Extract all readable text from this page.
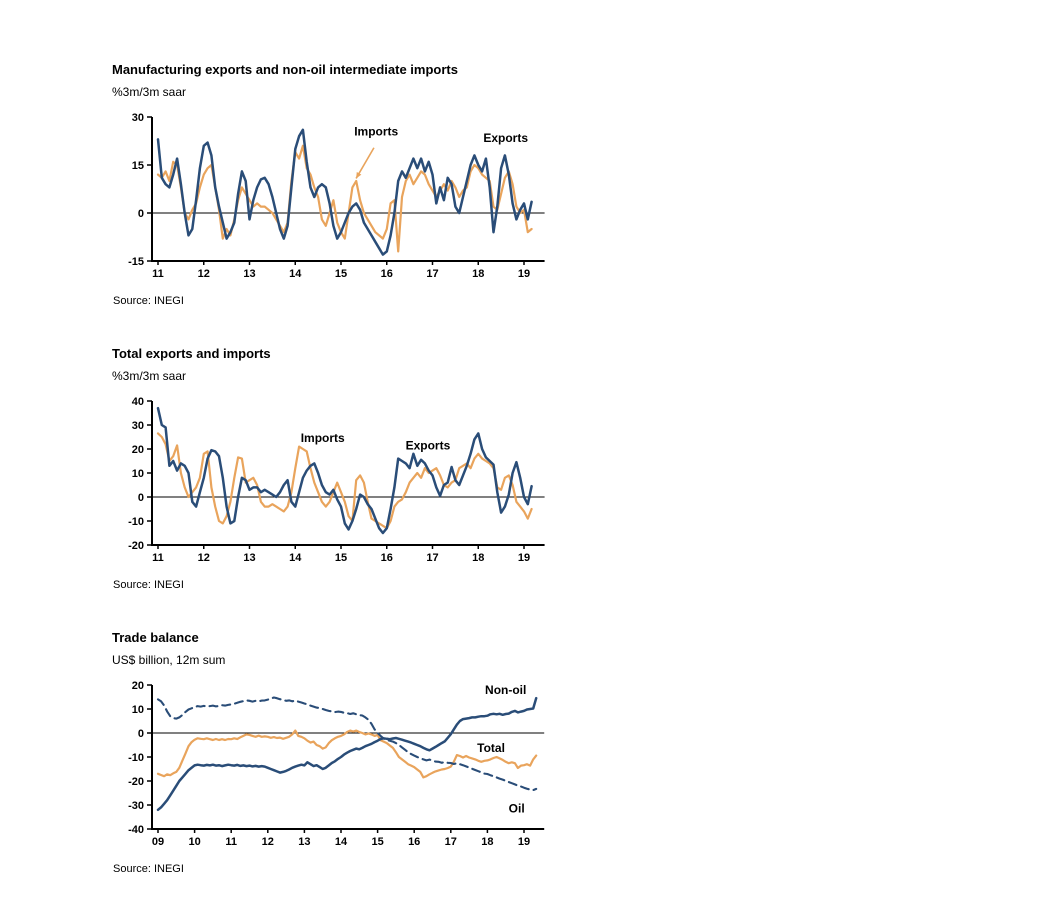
Manufacturing exports and non-oil intermediate imports
%3m/3m saar
30
15
0
-15
11	12	13	14	15	16	17	18	19
Imports	Exports
Source: INEGI
Total exports and imports
%3m/3m saar
40
30
20
10
0
-10
-20
11	12	13	14	15	16	17	18	19
Imports
Exports
Source: INEGI
Trade balance
US$ billion, 12m sum
20
10
0
-10
-20
-30
-40
09 10 11 12 13 14 15 16 17 18 19
Non-oil
Total
Oil
Source: INEGI
